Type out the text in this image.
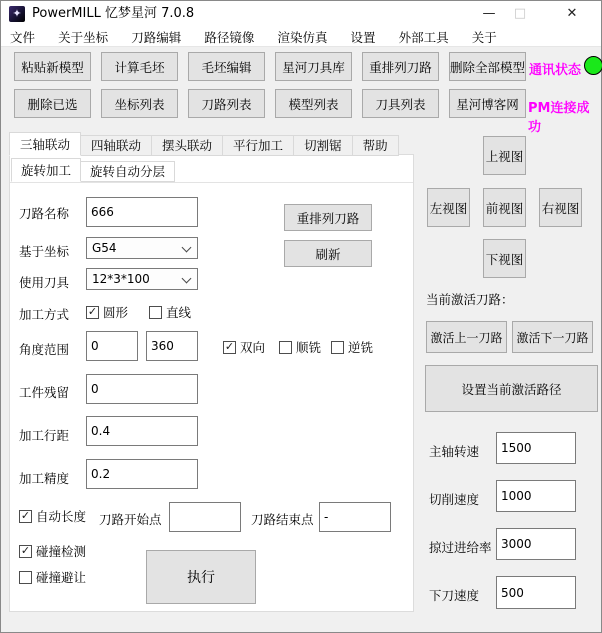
✦ PowerMILL 忆梦星河 7.0.8	—	□	✕
文件 关于坐标 刀路编辑 路径镜像 渲染仿真 设置 外部工具 关于
粘贴新模型	计算毛坯	毛坯编辑	星河刀具库	重排列刀路	删除全部模型
删除已选	坐标列表	刀路列表	模型列表	刀具列表	星河博客网
通讯状态
PM连接成功
三轴联动	四轴联动	摆头联动	平行加工	切割锯	帮助
旋转加工	旋转自动分层
刀路名称
666
基于坐标 G54
使用刀具 12*3*100
重排列刀路
刷新
加工方式 ✓ 圆形	直线
角度范围
0
360	✓ 双向 顺铣 逆铣
工件残留
0
加工行距
0.4
加工精度
0.2
✓ 自动长度 刀路开始点	刀路结束点
-
✓ 碰撞检测
碰撞避让	执行
上视图
左视图 前视图 右视图
下视图
当前激活刀路：
激活上一刀路	激活下一刀路
设置当前激活路径
主轴转速
1500
切削速度
1000
掠过进给率
3000
下刀速度
500
